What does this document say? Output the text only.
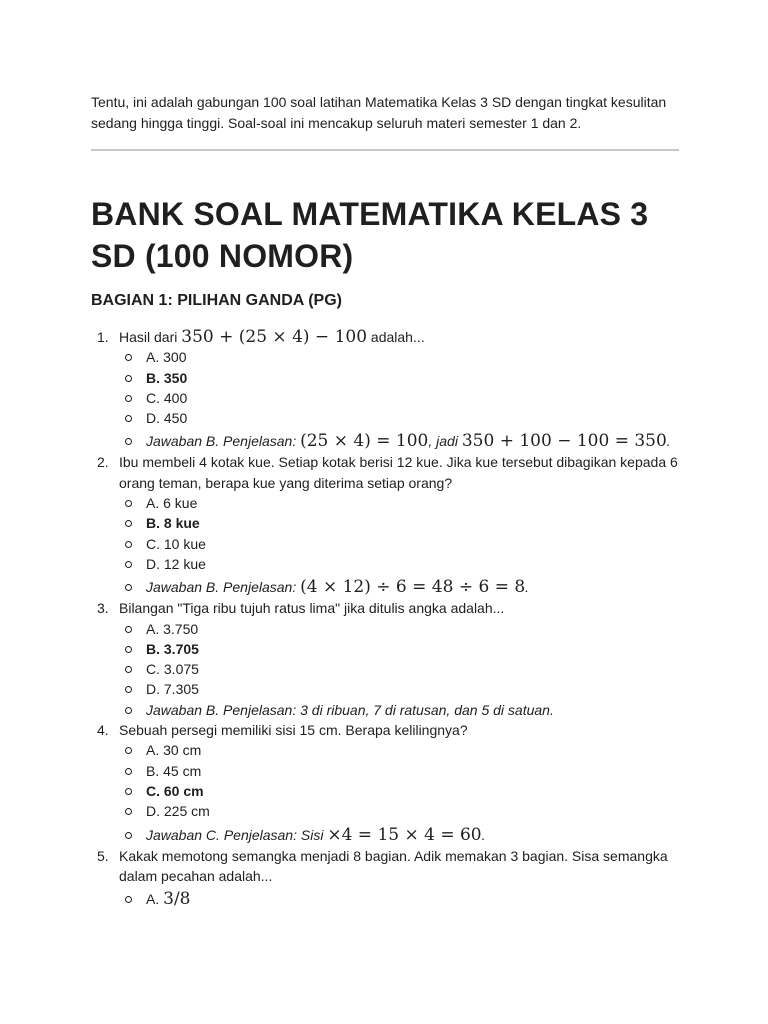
Tentu, ini adalah gabungan 100 soal latihan Matematika Kelas 3 SD dengan tingkat kesulitan sedang hingga tinggi. Soal-soal ini mencakup seluruh materi semester 1 dan 2.

BANK SOAL MATEMATIKA KELAS 3 SD (100 NOMOR)
BAGIAN 1: PILIHAN GANDA (PG)
1. Hasil dari 350 + (25 × 4) − 100 adalah...
A. 300
B. 350
C. 400
D. 450
Jawaban B. Penjelasan: (25 × 4) = 100, jadi 350 + 100 − 100 = 350.
2. Ibu membeli 4 kotak kue. Setiap kotak berisi 12 kue. Jika kue tersebut dibagikan kepada 6 orang teman, berapa kue yang diterima setiap orang?
A. 6 kue
B. 8 kue
C. 10 kue
D. 12 kue
Jawaban B. Penjelasan: (4 × 12) ÷ 6 = 48 ÷ 6 = 8.
3. Bilangan "Tiga ribu tujuh ratus lima" jika ditulis angka adalah...
A. 3.750
B. 3.705
C. 3.075
D. 7.305
Jawaban B. Penjelasan: 3 di ribuan, 7 di ratusan, dan 5 di satuan.
4. Sebuah persegi memiliki sisi 15 cm. Berapa kelilingnya?
A. 30 cm
B. 45 cm
C. 60 cm
D. 225 cm
Jawaban C. Penjelasan: Sisi ×4 = 15 × 4 = 60.
5. Kakak memotong semangka menjadi 8 bagian. Adik memakan 3 bagian. Sisa semangka dalam pecahan adalah...
A. 3/8
